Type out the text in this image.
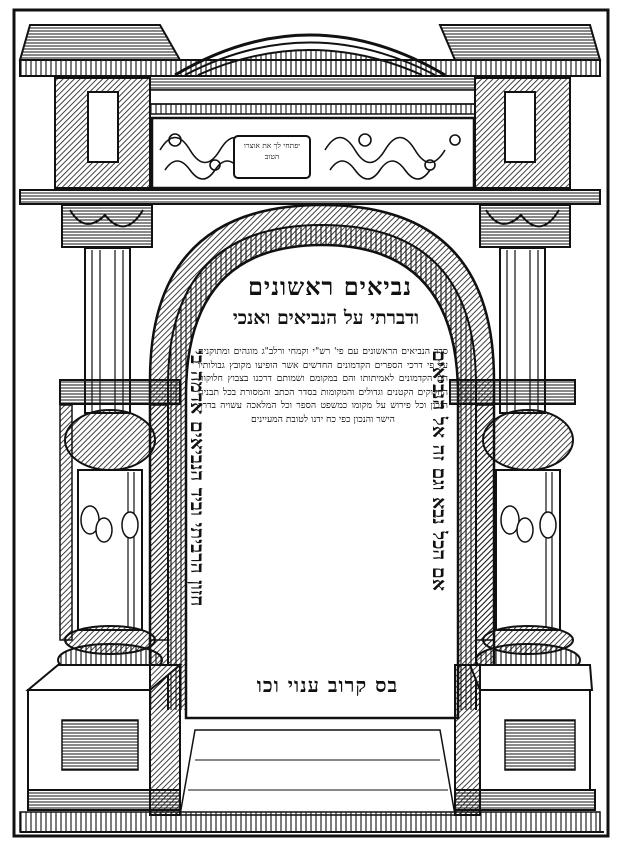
יפתחי לך את אוצרו הטוב
נביאים ראשונים
ודברתי על הנביאים ואנכי
סדר הנביאים הראשונים עם פי' רש"י וקמחי ורלב"ג מוגהים ומתוקנים על פי דרכי הספרים הקדמונים החדשים אשר הופיעו מקובץ גבולותיו הם הקדמונים לאמיתותו והם במקומם ושמותם דרכנו בצבוץ חלוקות החלוקים הקטנים וגדולים והמקומות בסדר הכתב והמסורת בכל תבנית הנכון וכל פירוש על מקומו כמשפט הספר וכל המלאכה עשויה בדרך הישר והנכון כפי כח ידנו לטובת המעיינים
חזון הרביתי וביד הנביאים אדמה בי	אם הכל נבא וגם זה אל הנביאים
בס קרוב ענוי וכו
